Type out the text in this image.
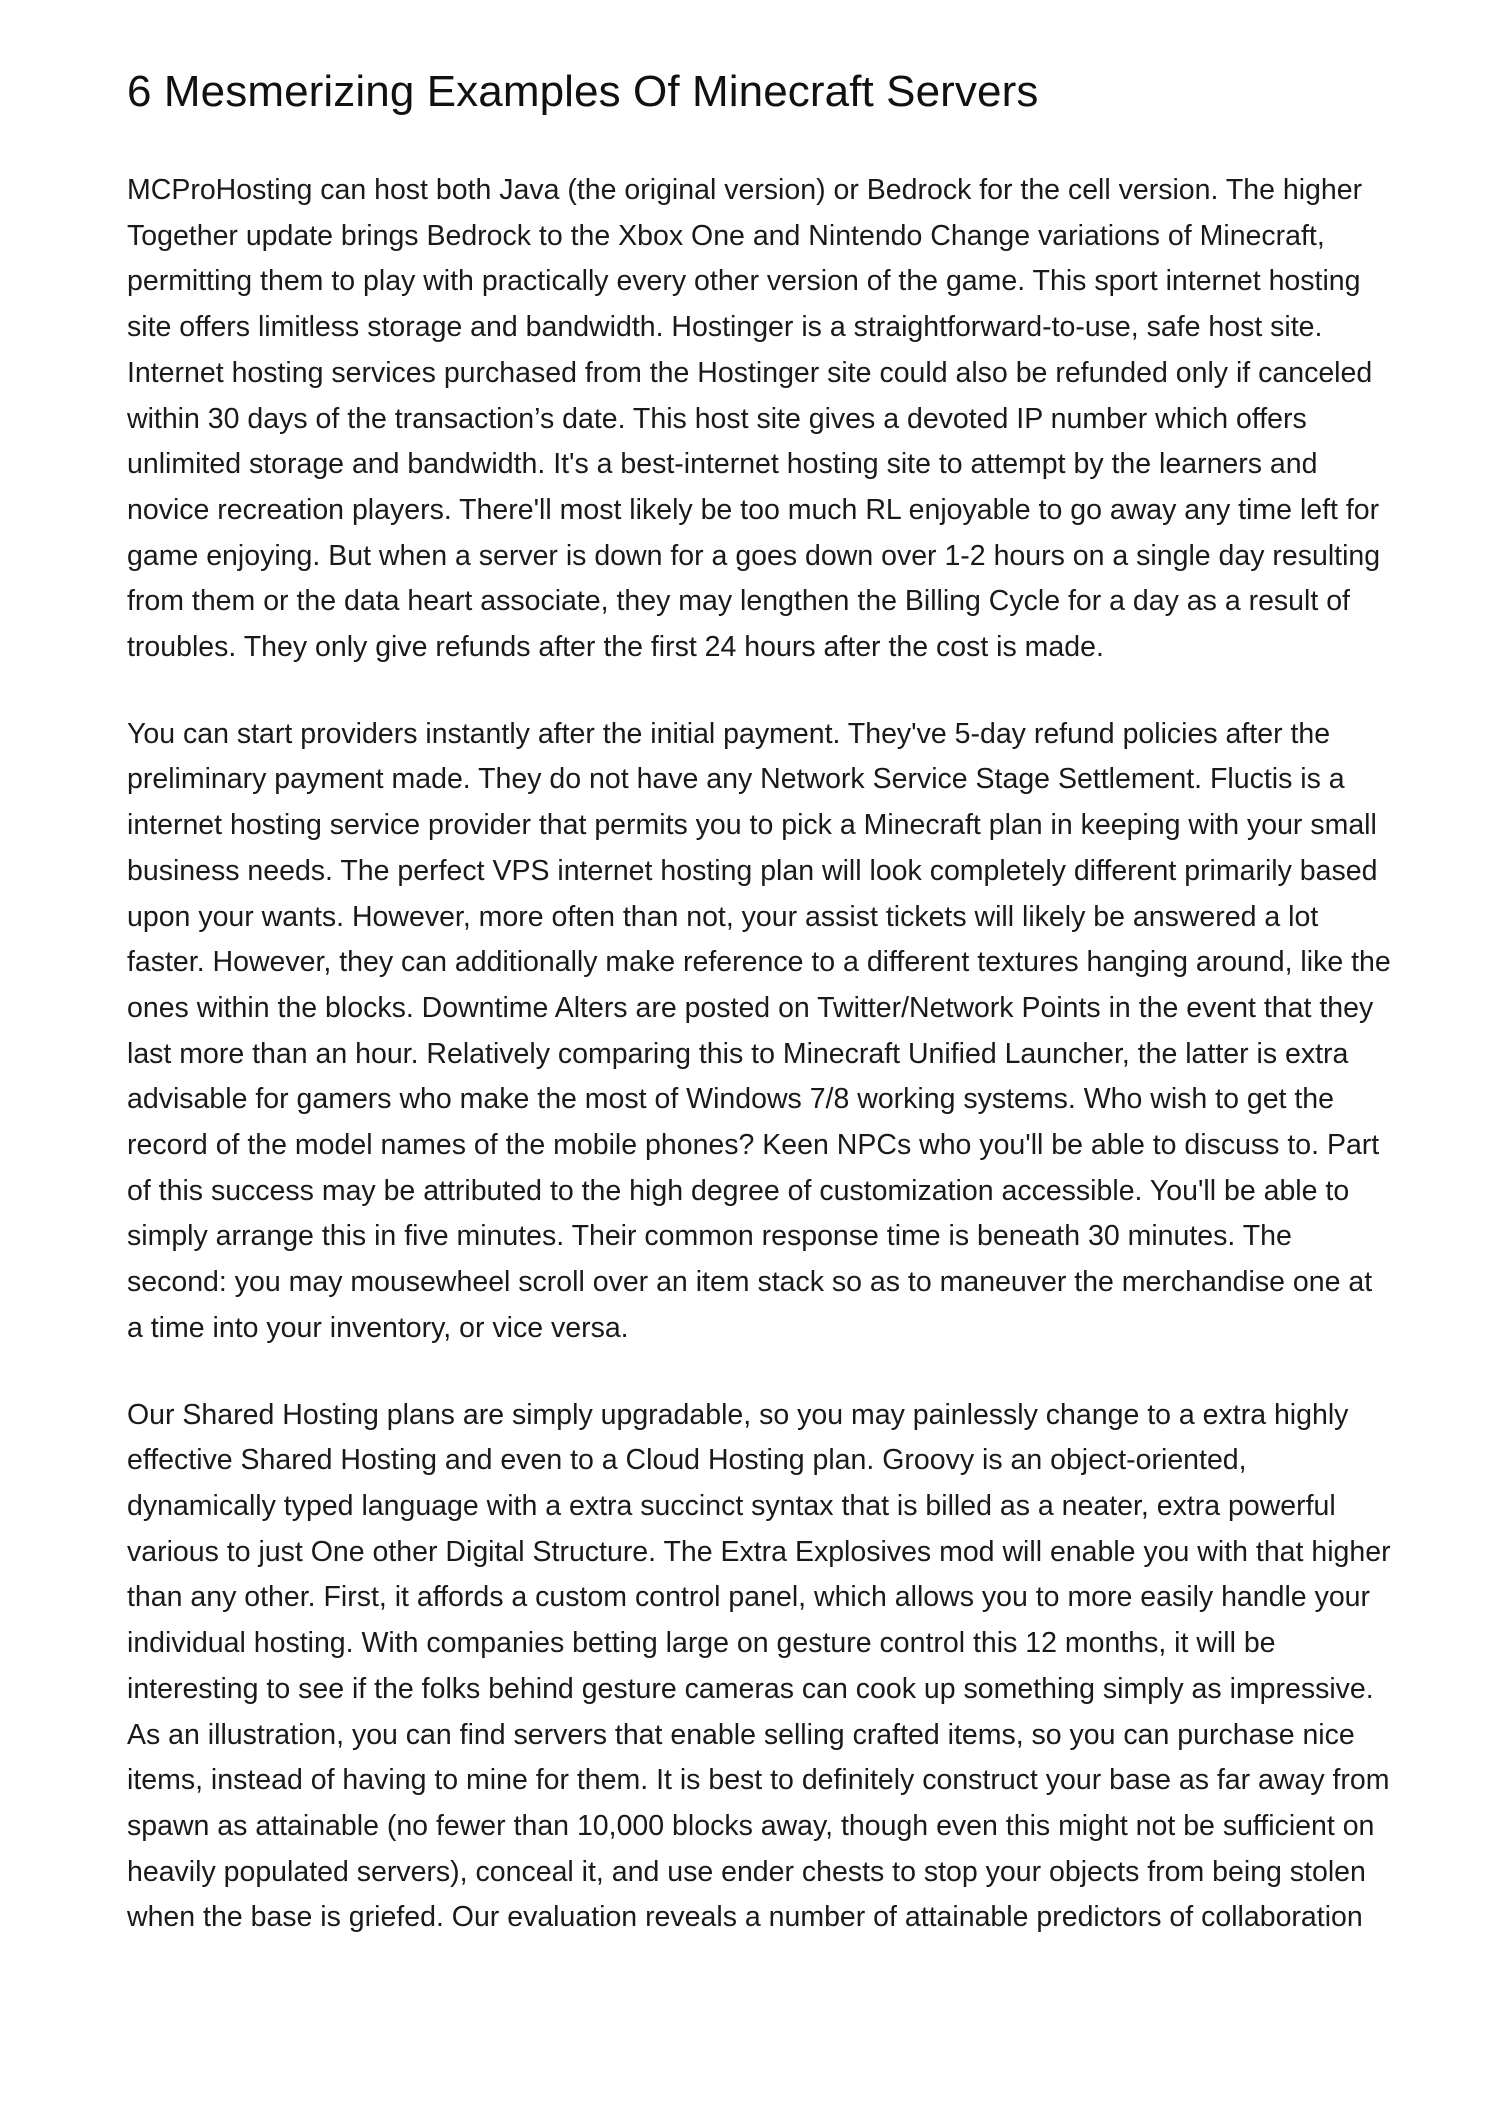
6 Mesmerizing Examples Of Minecraft Servers

MCProHosting can host both Java (the original version) or Bedrock for the cell version. The higher Together update brings Bedrock to the Xbox One and Nintendo Change variations of Minecraft, permitting them to play with practically every other version of the game. This sport internet hosting site offers limitless storage and bandwidth. Hostinger is a straightforward-to-use, safe host site. Internet hosting services purchased from the Hostinger site could also be refunded only if canceled within 30 days of the transaction’s date. This host site gives a devoted IP number which offers unlimited storage and bandwidth. It's a best-internet hosting site to attempt by the learners and novice recreation players. There'll most likely be too much RL enjoyable to go away any time left for game enjoying. But when a server is down for a goes down over 1-2 hours on a single day resulting from them or the data heart associate, they may lengthen the Billing Cycle for a day as a result of troubles. They only give refunds after the first 24 hours after the cost is made.

You can start providers instantly after the initial payment. They've 5-day refund policies after the preliminary payment made. They do not have any Network Service Stage Settlement. Fluctis is a internet hosting service provider that permits you to pick a Minecraft plan in keeping with your small business needs. The perfect VPS internet hosting plan will look completely different primarily based upon your wants. However, more often than not, your assist tickets will likely be answered a lot faster. However, they can additionally make reference to a different textures hanging around, like the ones within the blocks. Downtime Alters are posted on Twitter/Network Points in the event that they last more than an hour. Relatively comparing this to Minecraft Unified Launcher, the latter is extra advisable for gamers who make the most of Windows 7/8 working systems. Who wish to get the record of the model names of the mobile phones? Keen NPCs who you'll be able to discuss to. Part of this success may be attributed to the high degree of customization accessible. You'll be able to simply arrange this in five minutes. Their common response time is beneath 30 minutes. The second: you may mousewheel scroll over an item stack so as to maneuver the merchandise one at a time into your inventory, or vice versa.

Our Shared Hosting plans are simply upgradable, so you may painlessly change to a extra highly effective Shared Hosting and even to a Cloud Hosting plan. Groovy is an object-oriented, dynamically typed language with a extra succinct syntax that is billed as a neater, extra powerful various to just One other Digital Structure. The Extra Explosives mod will enable you with that higher than any other. First, it affords a custom control panel, which allows you to more easily handle your individual hosting. With companies betting large on gesture control this 12 months, it will be interesting to see if the folks behind gesture cameras can cook up something simply as impressive. As an illustration, you can find servers that enable selling crafted items, so you can purchase nice items, instead of having to mine for them. It is best to definitely construct your base as far away from spawn as attainable (no fewer than 10,000 blocks away, though even this might not be sufficient on heavily populated servers), conceal it, and use ender chests to stop your objects from being stolen when the base is griefed. Our evaluation reveals a number of attainable predictors of collaboration
